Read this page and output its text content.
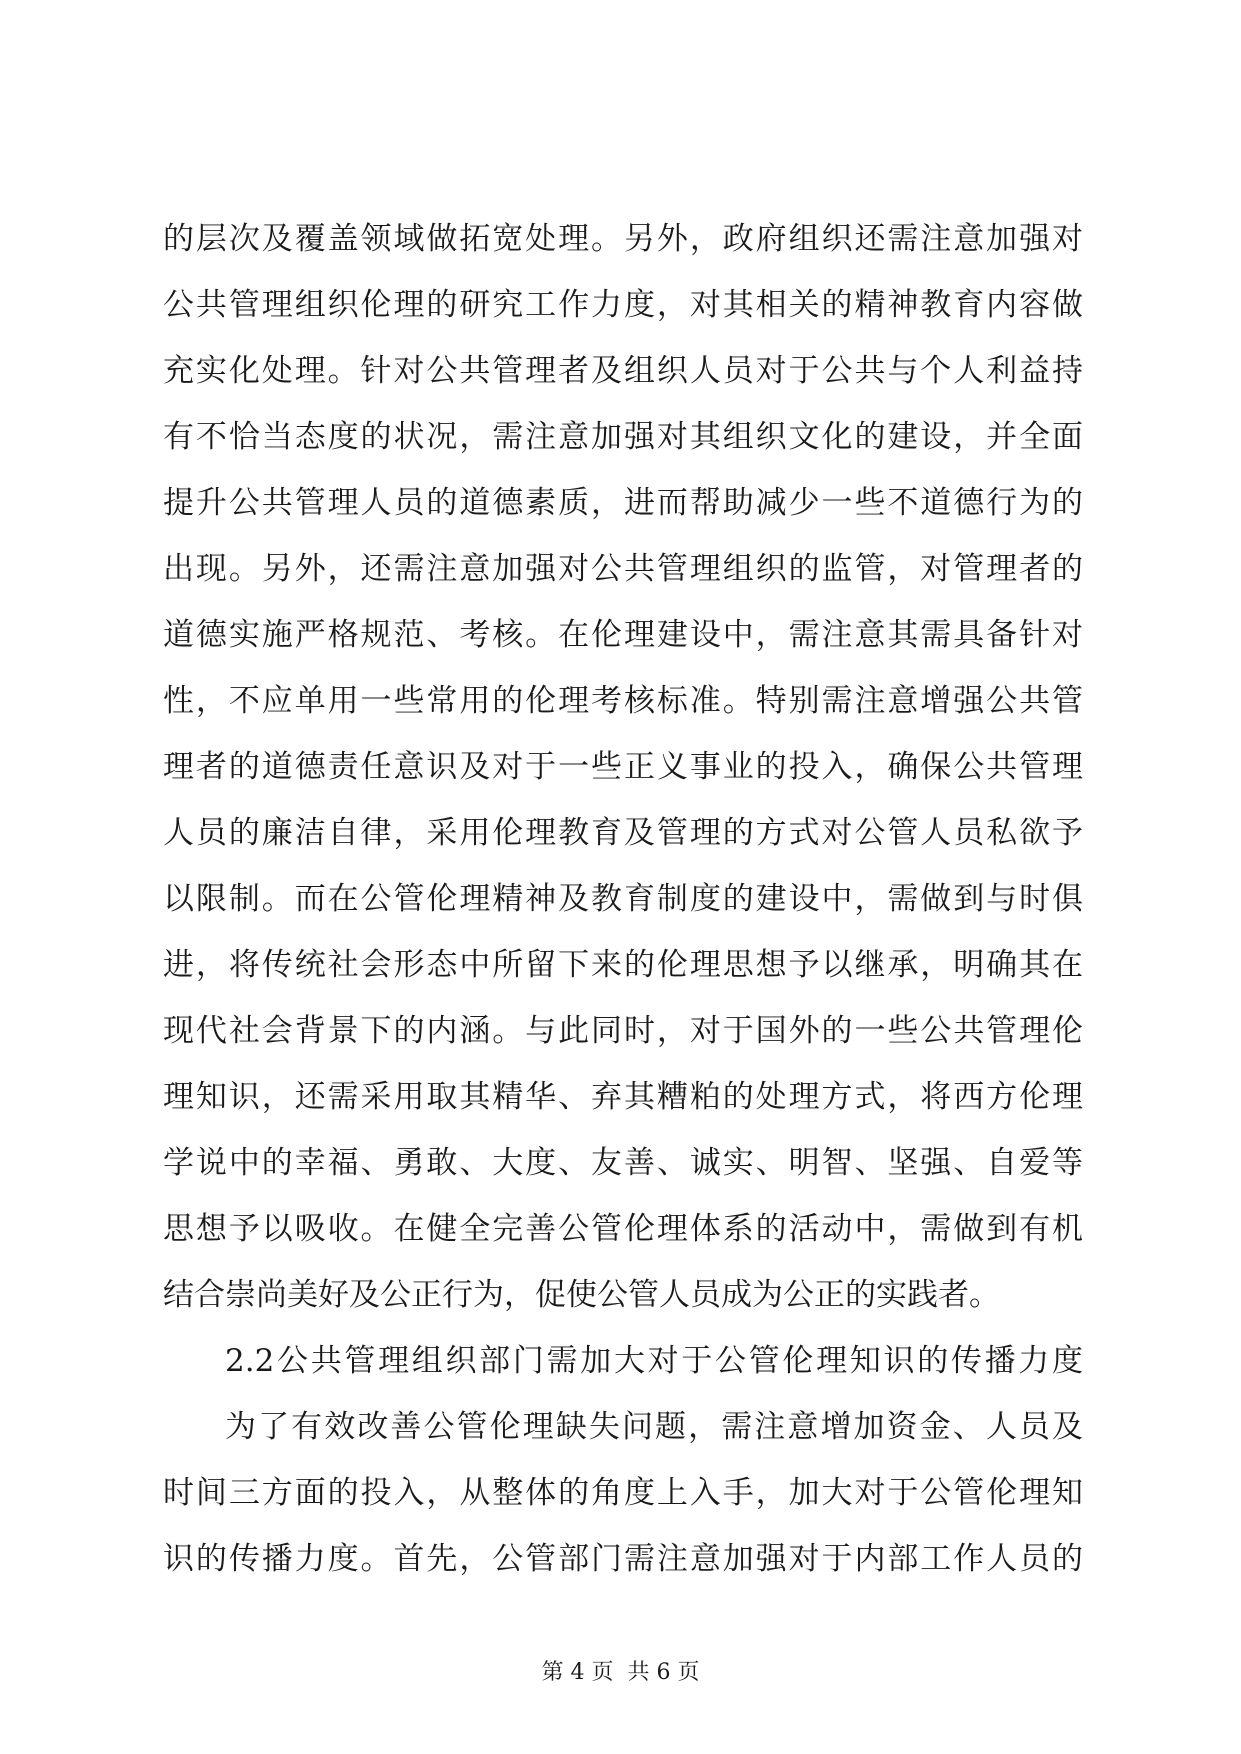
的层次及覆盖领域做拓宽处理。另外，政府组织还需注意加强对
公共管理组织伦理的研究工作力度，对其相关的精神教育内容做
充实化处理。针对公共管理者及组织人员对于公共与个人利益持
有不恰当态度的状况，需注意加强对其组织文化的建设，并全面
提升公共管理人员的道德素质，进而帮助减少一些不道德行为的
出现。另外，还需注意加强对公共管理组织的监管，对管理者的
道德实施严格规范、考核。在伦理建设中，需注意其需具备针对
性，不应单用一些常用的伦理考核标准。特别需注意增强公共管
理者的道德责任意识及对于一些正义事业的投入，确保公共管理
人员的廉洁自律，采用伦理教育及管理的方式对公管人员私欲予
以限制。而在公管伦理精神及教育制度的建设中，需做到与时俱
进，将传统社会形态中所留下来的伦理思想予以继承，明确其在
现代社会背景下的内涵。与此同时，对于国外的一些公共管理伦
理知识，还需采用取其精华、弃其糟粕的处理方式，将西方伦理
学说中的幸福、勇敢、大度、友善、诚实、明智、坚强、自爱等
思想予以吸收。在健全完善公管伦理体系的活动中，需做到有机
结合崇尚美好及公正行为，促使公管人员成为公正的实践者。
2.2公共管理组织部门需加大对于公管伦理知识的传播力度
为了有效改善公管伦理缺失问题，需注意增加资金、人员及
时间三方面的投入，从整体的角度上入手，加大对于公管伦理知
识的传播力度。首先，公管部门需注意加强对于内部工作人员的
第 4 页  共 6 页
